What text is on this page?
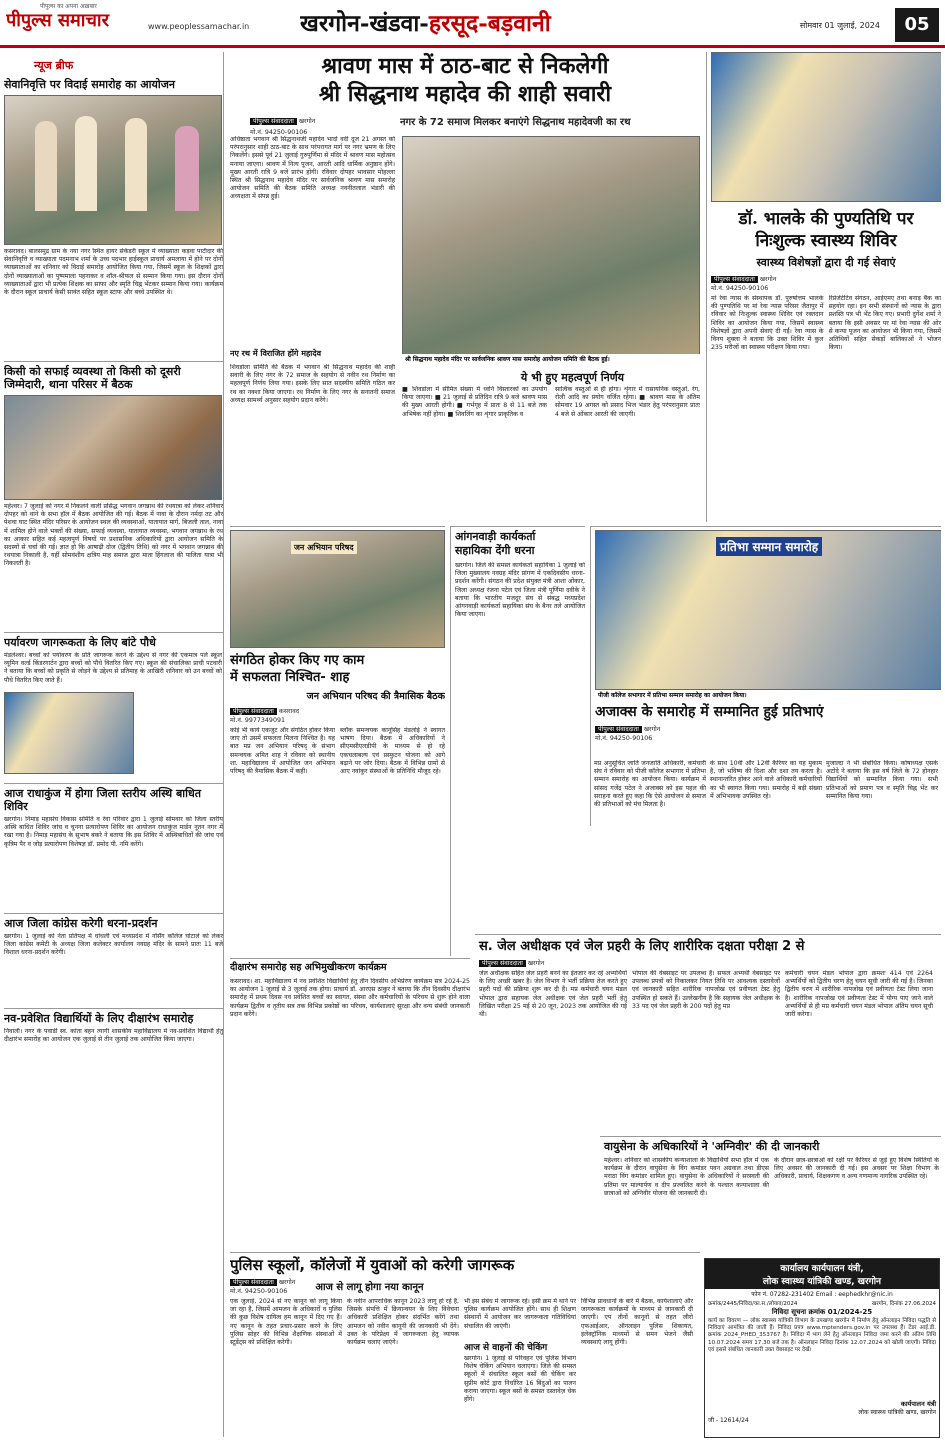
पीपुल्स समाचार
पीपुल्स का अपना अख़बार
www.peoplessamachar.in	खरगोन-खंडवा-हरसूद-बड़वानी	सोमवार 01 जुलाई, 2024	05
न्यूज ब्रीफ
सेवानिवृत्ति पर विदाई समारोह का आयोजन
कसरावद। बालसमुद्र ग्राम के नया नगर स्थित हायर सेकेंडरी स्कूल में व्याख्याता कड़वा पाटीदार की सेवानिवृत्ति व व्याख्याता पदमनाभ शर्मा के उच्च पदभार हाईस्कूल प्राचार्य अमलाया में होने पर दोनों व्याख्याताओं का शनिवार को विदाई समारोह आयोजित किया गया, जिसमें स्कूल के शिक्षकों द्वारा दोनों व्याख्याताओं का पुष्पमाला पहनाकर व शॉल-श्रीफल से सम्मान किया गया। इस दौरान दोनों व्याख्याताओं द्वारा भी प्रत्येक शिक्षक का साफा और स्मृति चिह्न भेंटकर सम्मान किया गया। कार्यक्रम के दौरान स्कूल प्राचार्य केसी सावंत सहित स्कूल स्टाफ और बच्चे उपस्थित थे।
किसी को सफाई व्यवस्था तो किसी को दूसरी जिम्मेदारी, थाना परिसर में बैठक
महेश्वर। 7 जुलाई को नगर में निकलने वाली प्रसिद्ध भगवान जगन्नाथ की रथयात्रा को लेकर शनिवार दोपहर को थाने के सभा हॉल में बैठक आयोजित की गई। बैठक में नावा के दौरान नर्मदा तट और पेशवा घाट स्थित मंदिर परिसर के आयोजन स्थल की व्यवस्थाओं, यातायात मार्ग, बिजली ताल, नावा में शामिल होने वाले भक्तों की संख्या, सफाई व्यवस्था, यातायात व्यवस्था, भगवान जगन्नाथ के रथ का आकार सहित कई महत्वपूर्ण विषयों पर प्रशासनिक अधिकारियों द्वारा आयोजन समिति के सदस्यों से चर्चा की गई। ज्ञात हो कि आषाढ़ी दोज (द्वितीय तिथि) को नगर में भगवान जगन्नाथ की रथयात्रा निकाली है, यहीं सोमवंशीय क्षत्रिय माह समाज द्वारा माता हिंगलाज की पालिता यात्रा भी निकलती है।
पर्यावरण जागरूकता के लिए बांटे पौधे
मंडलेश्वर। बच्चों को पर्यावरण के प्रति जागरूक करने के उद्देश्य से नगर की एकमात्र पर्ल स्कूल व्यूमिन वर्ल्ड किंडरगार्टन द्वारा बच्चों को पौधे वितरित किए गए। स्कूल की संचालिका प्राची पटवारी ने बताया कि बच्चों को प्रकृति से जोड़ने के उद्देश्य से प्रतिमाह के आखिरी शनिवार को उन बच्चों को पौधे वितरित किए जाते हैं।
आज राधाकुंज में होगा जिला स्तरीय अस्थि बाधित शिविर
खरगोन। निमाड़ महासंघ विकास समिति व रेवा परिवार द्वारा 1 जुलाई सोमवार को जिला स्तरीय अस्थि बाधित शिविर जांच व चुनना प्रत्यारोपण शिविर का आयोजन राधाकुंज मार्डन नूतन नगर में रखा गया है। निमाड़ महासंघ के सुभाष बकरे ने बताया कि इस शिविर में अस्थिबाधितों की जांच एवं कृत्रिम पैर व जोड़ प्रत्यारोपण विशेषज्ञ डॉ. प्रमोद पी. नमि करेंगे।
आज जिला कांग्रेस करेगी धरना-प्रदर्शन
खरगोन। 1 जुलाई को नेता प्रतिपक्ष में धांधली एवं मध्यप्रदेश में नर्सिंग कॉलेज घोटाले को लेकर जिला कांग्रेस कमेटी के अध्यक्ष जिला कलेक्टर कार्यालय नवग्रह मंदिर के सामने प्रातः 11 बजे विशाल धरना-प्रदर्शन करेगी।
नव-प्रवेशित विद्यार्थियों के लिए दीक्षारंभ समारोह
निवाली। नगर के पवार्डी स्व. कांता बहन त्यागी शासकीय महाविद्यालय में नव-प्रवेशित विद्यार्थी हेतु दीक्षारंभ समारोह का आयोजन एक जुलाई से तीन जुलाई तक आयोजित किया जाएगा।
श्रावण मास में ठाठ-बाट से निकलेगी
श्री सिद्धनाथ महादेव की शाही सवारी
नगर के 72 समाज मिलकर बनाएंगे सिद्धनाथ महादेवजी का रथ
पीपुल्स संवाददाता खरगोन
मो.नं. 94250-90106
अधिष्ठाता भगवान श्री सिद्धनाथजी महादेव भादो वदी दूज 21 अगस्त को परंपरानुसार शाही ठाठ-बाट के साथ परंपरागत मार्ग पर नगर भ्रमण के लिए निकलेंगे। इससे पूर्व 21 जुलाई गुरुपूर्णिमा से मंदिर में श्रावण मास महोत्सव मनाया जाएगा। श्रावण में नित्य पूजन, आरती आदि धार्मिक अनुष्ठान होंगे। मुख्य आरती रात्रि 9 बजे प्रारंभ होगी। रविवार दोपहर भावसार मोहल्ला स्थित श्री सिद्धनाथ महादेव मंदिर पर सार्वजनिक श्रावण मास समारोह आयोजन समिति की बैठक समिति अध्यक्ष नवनीतलाल भंडारी की अध्यक्षता में संपन्न हुई।
नए रथ में विराजित होंगे महादेव
श्री सिद्धनाथ महादेव मंदिर पर सार्वजनिक श्रावण मास समारोह आयोजन समिति की बैठक हुई।
शिवडोला समिति की बैठक में भगवान श्री सिद्धनाथ महादेव की शाही सवारी के लिए नगर के 72 समाज के सहयोग से नवीन रथ निर्माण का महत्वपूर्ण निर्णय लिया गया। इसके लिए सात सदस्यीय समिति गठित कर रथ का नक्शा किया जाएगा। रथ निर्माण के लिए नगर के सनातनी समाज अध्यक्ष सामर्थ्य अनुसार सहयोग प्रदान करेंगे।
ये भी हुए महत्वपूर्ण निर्णय
■ शिवडोला में सीमित संख्या में ध्वनि विस्तारकों का उपयोग किया जाएगा। ■ 21 जुलाई से प्रतिदिन रात्रि 9 बजे श्रावण मास की मुख्य आरती होगी। ■ गर्भगृह में प्रातः 8 से 11 बजे तक अभिषेक नहीं होगा। ■ शिवलिंग का शृंगार प्राकृतिक व
सात्विक वस्तुओं से ही होगा। शृंगार में रासायनिक वस्तुओं, रंग, रोली आदि का प्रयोग वर्जित रहेगा। ■ श्रावण मास के अंतिम सोमवार 19 अगस्त को प्रसाद भिज भंडार हेतु परंपरानुसार प्रातः 4 बजे से ओंकार आरती की जाएगी।
डॉ. भालके की पुण्यतिथि पर
निःशुल्क स्वास्थ्य शिविर
स्वास्थ्य विशेषज्ञों द्वारा दी गई सेवाएं
पीपुल्स संवाददाता खरगोन
मो.नं. 94250-90106
मां रेवा न्यास के संस्थापक डॉ. पुरुषोत्तम भालके की पुण्यतिथि पर मां रेवा न्यास परिसर जैतापुर में रविवार को निःशुल्क स्वास्थ्य शिविर एवं रक्तदान शिविर का आयोजन किया गया, जिसमें स्वास्थ्य विशेषज्ञों द्वारा अपनी सेवाएं दी गईं। रेवा न्यास के विनय शुक्ला ने बताया कि उक्त शिविर में कुल 235 मरीजों का स्वास्थ्य परीक्षण किया गया।
रिप्रेजेंटेटिव संगठन, आईएमए तथा बनाड़ बैंक का सहयोग रहा। इन सभी संस्थानों को न्यास के द्वारा प्रशस्ति पत्र भी भेंट किए गए। प्रभारी दुर्गेश शर्मा ने बताया कि इसी अवसर पर मां रेवा न्यास की ओर से कन्या पूजन का आयोजन भी किया गया, जिसमें अतिथियों सहित सेकड़ों बालिकाओं ने भोजन किया।
जन अभियान परिषद
संगठित होकर किए गए काम
में सफलता निश्चित- शाह
जन अभियान परिषद की त्रैमासिक बैठक
पीपुल्स संवाददाता कसरावद
मो.नं. 9977349091
कोई भी कार्य एकजुट और संगठित होकर किया जाए तो उसमें सफलता मिलना निश्चित है। यह बात मप्र जन अभियान परिषद् के संभाग समन्वयक अमित शाह ने रविवार को स्थानीय शा. महाविद्यालय में आयोजित जन अभियान परिषद् की त्रैमासिक बैठक में कही।
ब्लॉक समन्वयक कानूसिंह मंडलोई ने स्वागत भाषण दिया। बैठक में अधिकारियों ने सीएमसीएलडीपी के माध्यम से हो रहे एकचलाबल्य एवं प्रस्फुटन योजना को आगे बढ़ाने पर जोर दिया। बैठक में विभिन्न ग्रामों से आए नवांकुर संस्थाओं के प्रतिनिधि मौजूद रहे।
आंगनवाड़ी कार्यकर्ता
सहायिका देंगी धरना
खरगोन। जिले की समस्त कार्यकर्ता सहायिका 1 जुलाई को जिला मुख्यालय नवग्रह मंदिर प्रांगण में एकदिवसीय धरना-प्रदर्शन करेंगी। संगठन की प्रदेश संयुक्त मंत्री आशा ओंकार, जिला अध्यक्ष रंजना पटेल एवं जिला मंत्री पूर्णिमा दवीके ने बताया कि भारतीय मजदूर संघ से संबद्ध मध्यप्रदेश आंगनवाड़ी कार्यकर्ता सहायिका संघ के बैनर तले आयोजित किया जाएगा।
प्रतिभा सम्मान समारोह
पीजी कॉलेज सभागार में प्रतिभा सम्मान समारोह का आयोजन किया।
अजाक्स के समारोह में सम्मानित हुई प्रतिभाएं
पीपुल्स संवाददाता खरगोन
मो.नं. 94250-90106
मप्र अनुसूचित जाति जनजाति अधिकारी, कर्मचारी संघ ने रविवार को पीजी कॉलेज सभागार में प्रतिभा सम्मान समारोह का आयोजन किया। कार्यक्रम में सांसद गजेंद्र पटेल ने अजाक्स को इस पहल की सराहना करते हुए कहा कि ऐसे आयोजन से समाज की प्रतिभाओं को मंच मिलता है।
के साथ 10वीं और 12वीं कैरियर का यह मुकाम है, जो भविष्य की दिशा और दशा तय करता है। स्थानान्तरित होकर आने वाले अधिकारी कर्मचारियों का भी स्वागत किया गया। समारोह में बड़ी संख्या में अभिभावक उपस्थित रहे।
मुजाल्दा ने भी संबोधित किया। कोषाध्यक्ष एसके अटोदे ने बताया कि इस वर्ष जिले के 72 होनहार विद्यार्थियों को सम्मानित किया गया। सभी प्रतिभाओं को प्रमाण पत्र व स्मृति चिह्न भेंट कर सम्मानित किया गया।
दीक्षारंभ समारोह सह अभिमुखीकरण कार्यक्रम
कसरावद। शा. महाविद्यालय में नव प्रवेशित विद्यार्थियों हेतु तीन दिवसीय अभिप्रेरण कार्यक्रम सत्र 2024-25 का आयोजन 1 जुलाई से 3 जुलाई तक होगा। प्राचार्य डॉ. आरएस ठाकुर ने बताया कि तीन दिवसीय दीक्षारंभ समारोह में प्रथम दिवस नव प्रवेशित बच्चों का स्वागत, संस्था और कर्मचारियों के परिचय से शुरू होने वाला कार्यक्रम द्वितीय व तृतीय सत्र तक विभिन्न प्रकोष्ठों का परिचय, कार्यशालाएं सुरक्षा और वन्य संबंधी जानकारी प्रदान करेंगे।
स. जेल अधीक्षक एवं जेल प्रहरी के लिए शारीरिक दक्षता परीक्षा 2 से
पीपुल्स संवाददाता खरगोन
जेल अधीक्षक सहित जेल प्रहरी बनने का इंतजार कर रहे अभ्यर्थियों के लिए अच्छी खबर है। जेल विभाग ने भर्ती प्रक्रिया तेज करते हुए प्रहरी पदों की प्रक्रिया शुरू कर दी है। मप्र कर्मचारी चयन मंडल भोपाल द्वारा सहायक जेल अधीक्षक एवं जेल प्रहरी भर्ती हेतु लिखित परीक्षा 25 मई से 20 जून, 2023 तक आयोजित की गई थी।
भोपाल की वेबसाइट पर उपलब्ध है। सफल अभ्यर्थी वेबसाइट पर उपलब्ध प्रपत्रों को निकालकर नियत तिथि पर आवश्यक दस्तावेजों एवं जानकारी सहित शारीरिक नापजोख एवं प्रवीणता टेस्ट हेतु उपस्थित हो सकते हैं। उल्लेखनीय है कि सहायक जेल अधीक्षक के 33 पद एवं जेल प्रहरी के 200 पदों हेतु मप्र
कर्मचारी चयन मंडल भोपाल द्वारा क्रमशः 414 एवं 2264 अभ्यर्थियों को द्वितीय चरण हेतु चयन सूची जारी की गई है। जिनका द्वितीय चरण में शारीरिक नापजोख एवं प्रवीणता टेस्ट लिया जाना है। शारीरिक नापजोख एवं प्रवीणता टेस्ट में योग्य पाए जाने वाले अभ्यर्थियों से ही मप्र कर्मचारी चयन मंडल भोपाल अंतिम चयन सूची जारी करेगा।
वायुसेना के अधिकारियों ने 'अग्निवीर' की दी जानकारी
महेश्वर। शनिवार को शासकीय कन्याशाला के विद्यार्थियों सभा हॉल में एक कार्यक्रम के दौरान वायुसेना के विंग कमांडर पवन अग्रवाल तथा डीएस मराठा विंग कमांडर शामिल हुए। वायुसेना के अधिकारियों ने सरस्वती की प्रतिमा पर माल्यार्पण व दीप प्रज्वलित करने के पश्चात कन्याशाला की छात्राओं को अग्निवीर योजना की जानकारी दी।
के दौरान छात्र-छात्राओं को रक्षी पर कैरियर से जुड़े हुए विशेष स्थितियों के लिए अवसर की जानकारी दी गई। इस अवसर पर शिक्षा विभाग के अधिकारी, प्राचार्य, शिक्षकगण व अन्य गणमान्य नागरिक उपस्थित रहे।
पुलिस स्कूलों, कॉलेजों में युवाओं को करेगी जागरूक
पीपुल्स संवाददाता खरगोन
मो.नं. 94250-90106	आज से लागू होगा नया कानून
एक जुलाई, 2024 से नए कानून को लागू किया जा रहा है, जिसमें आमजन के अधिकारों व पुलिस की कुछ विशेष दायित्व हम कानून में दिए गए हैं। नए कानून के तहत प्रचार-प्रसार करने के लिए पुलिस सोहर की विभिन्न शैक्षणिक संस्थाओं में स्टूडेंट्स को प्रशिक्षित करेगी।
के नवीन आपराधिक कानून 2023 लागू हो रहे हैं, जिसके संपत्ति में क्रियान्वयन के लिए विवेचना अधिकारी प्रशिक्षित होकर संदर्भित करेंगे तथा आमजन को नवीन कानूनी की जानकारी भी देंगे। उक्त के परिप्रेक्ष्य में जागरूकता हेतु व्यापक कार्यक्रम चलाए जाएंगे।
भी इस संबंध में जागरूक रहें। इसी क्रम में थाने पर पुलिस कार्यक्रम आयोजित होंगे। साथ ही शिक्षण संस्थानों में आयोजन कर जागरूकता गतिविधियां संचालित की जाएंगी।
आज से वाहनों की चेकिंग
खरगोन। 1 जुलाई से परिवहन एवं पुलिस विभाग विशेष चेकिंग अभियान चलाएगा। जिले की समस्त स्कूलों में संचालित स्कूल बसों की चेकिंग कर सुप्रीम कोर्ट द्वारा निर्धारित 16 बिंदुओं का पालन कराया जाएगा। स्कूल बसों के समस्त दस्तावेज़ चेक होंगे।
विभिन्न प्रावधानों के बारे में बैठक, कार्यशालाएं और जागरूकता कार्यक्रमों के माध्यम से जानकारी दी जाएगी। एप तीनों कानूनों से तहत जीरो एफआईआर, ऑनलाइन पुलिस शिकायत, इलेक्ट्रॉनिक माध्यमों से समन भेजने जैसी व्यवस्थाएं लागू होंगी।
कार्यालय कार्यपालन यंत्री,
लोक स्वास्थ्य यांत्रिकी खण्ड, खरगोन
फोन नं. 07282-231402 Email : eephedkhr@nic.in
क्रमांक/2445/निविदा/का.स./लोयाव/2024	खरगोन, दिनांक 27.06.2024
निविदा सूचना क्रमांक 01/2024-25
कार्य का विवरण — लोक स्वास्थ्य यांत्रिकी विभाग के उपखण्ड खरगोन में निर्माण हेतु ऑनलाइन निविदा पद्धति से निविदाएं आमंत्रित की जाती हैं। निविदा प्रपत्र www.mptenders.gov.in पर उपलब्ध हैं। टेंडर आई.डी. क्रमांक 2024_PHED_353767 है। निविदा में भाग लेने हेतु ऑनलाइन निविदा जमा करने की अंतिम तिथि 10.07.2024 समय 17.30 बजे तक है। ऑनलाइन निविदा दिनांक 12.07.2024 को खोली जाएगी। निविदा एवं इससे संबंधित जानकारी उक्त वेबसाइट पर देखें।
कार्यपालन यंत्री
लोक स्वास्थ्य यांत्रिकी खण्ड, खरगोन
जी - 12614/24
